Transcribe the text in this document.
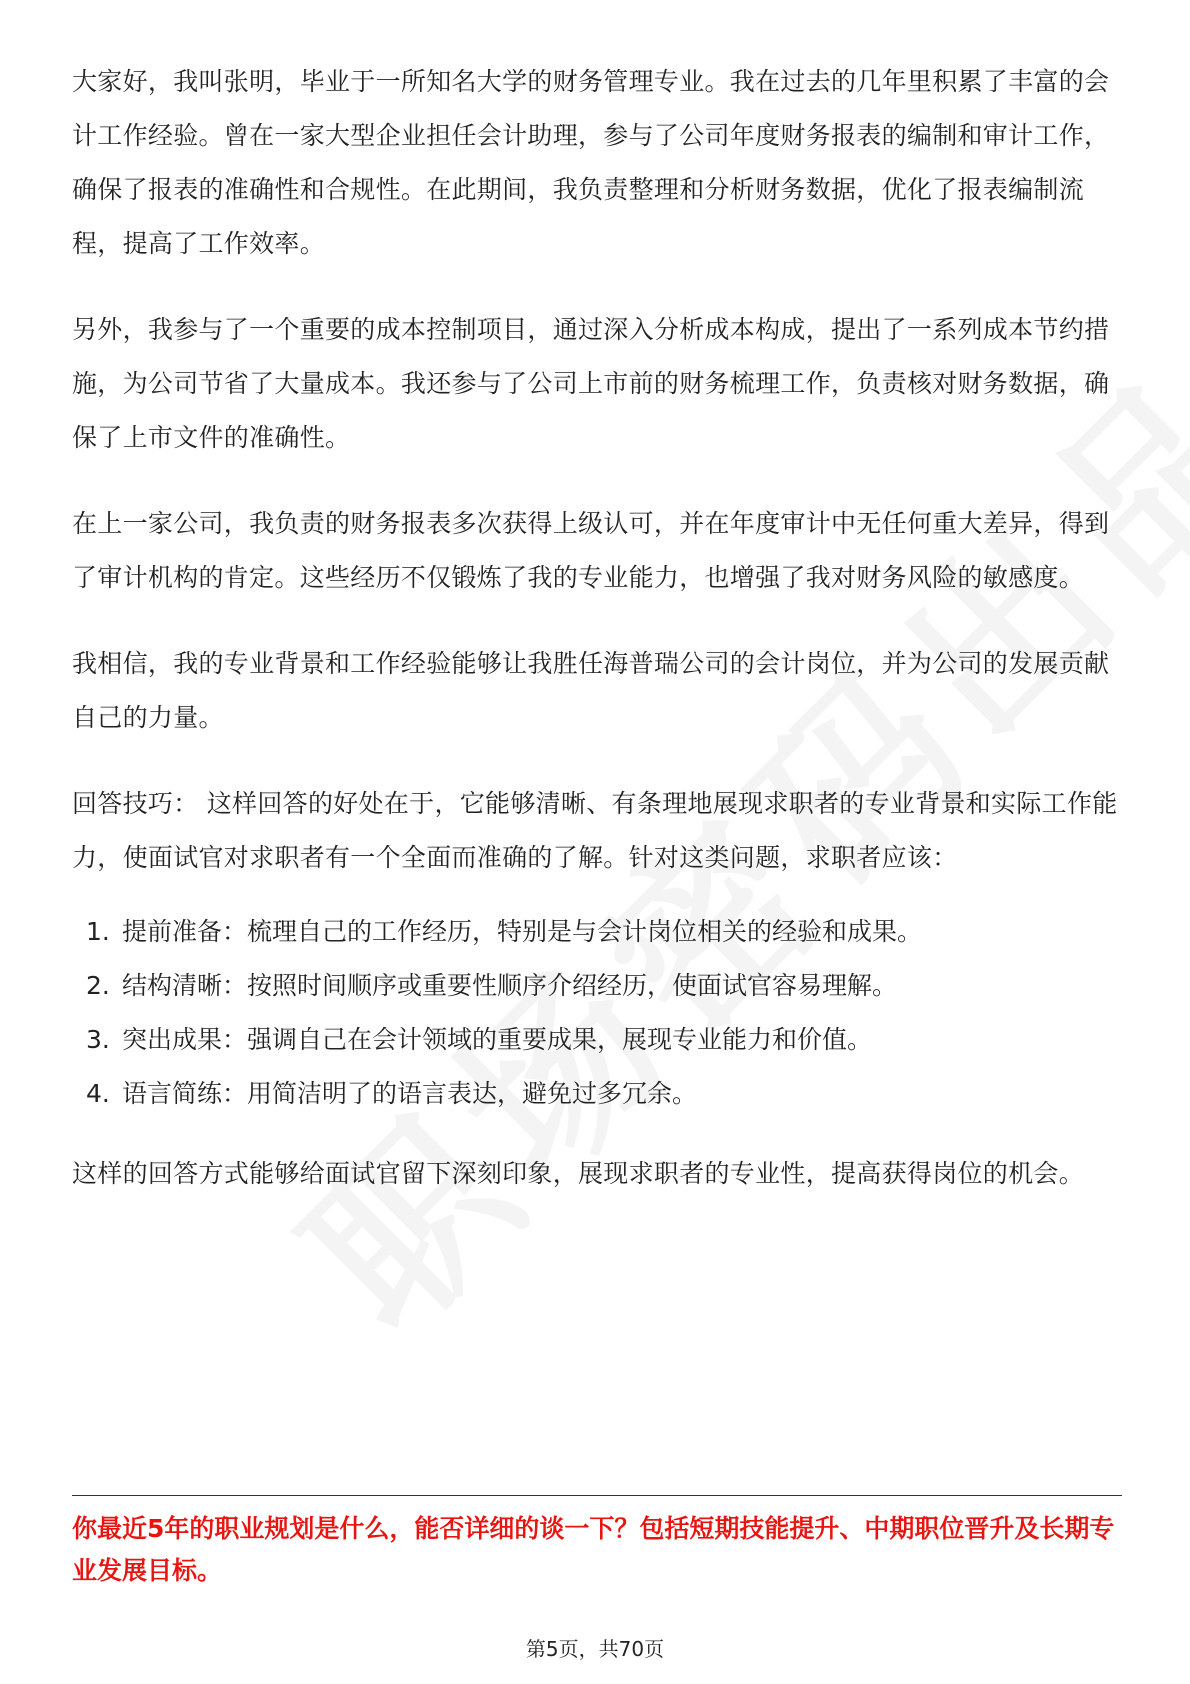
大家好，我叫张明，毕业于一所知名大学的财务管理专业。我在过去的几年里积累了丰富的会计工作经验。曾在一家大型企业担任会计助理，参与了公司年度财务报表的编制和审计工作，确保了报表的准确性和合规性。在此期间，我负责整理和分析财务数据，优化了报表编制流程，提高了工作效率。

另外，我参与了一个重要的成本控制项目，通过深入分析成本构成，提出了一系列成本节约措施，为公司节省了大量成本。我还参与了公司上市前的财务梳理工作，负责核对财务数据，确保了上市文件的准确性。

在上一家公司，我负责的财务报表多次获得上级认可，并在年度审计中无任何重大差异，得到了审计机构的肯定。这些经历不仅锻炼了我的专业能力，也增强了我对财务风险的敏感度。

我相信，我的专业背景和工作经验能够让我胜任海普瑞公司的会计岗位，并为公司的发展贡献自己的力量。

回答技巧： 这样回答的好处在于，它能够清晰、有条理地展现求职者的专业背景和实际工作能力，使面试官对求职者有一个全面而准确的了解。针对这类问题，求职者应该：

1. 提前准备：梳理自己的工作经历，特别是与会计岗位相关的经验和成果。
2. 结构清晰：按照时间顺序或重要性顺序介绍经历，使面试官容易理解。
3. 突出成果：强调自己在会计领域的重要成果，展现专业能力和价值。
4. 语言简练：用简洁明了的语言表达，避免过多冗余。

这样的回答方式能够给面试官留下深刻印象，展现求职者的专业性，提高获得岗位的机会。

你最近5年的职业规划是什么，能否详细的谈一下？包括短期技能提升、中期职位晋升及长期专业发展目标。
第5页，共70页
